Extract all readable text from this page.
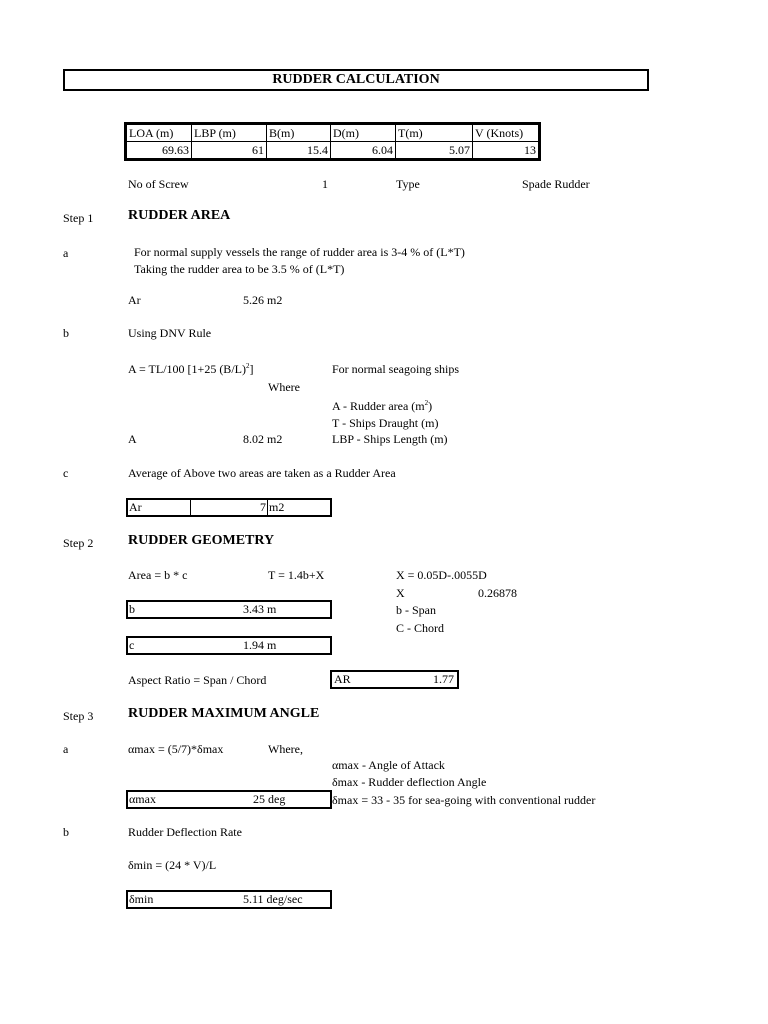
RUDDER CALCULATION
LOA (m)	LBP (m)	B(m)	D(m)	T(m)	V (Knots)
69.63	61	15.4	6.04	5.07	13
No of Screw	1	Type	Spade Rudder
Step 1 RUDDER AREA
a	For normal supply vessels the range of rudder area is 3-4 % of (L*T)
Taking the rudder area to be 3.5 % of (L*T)
Ar	5.26 m2
b	Using DNV Rule
A = TL/100 [1+25 $(B/L)^2$]	For normal seagoing ships
Where
A - Rudder area $(m^2)$
T - Ships Draught (m)
A	8.02 m2	LBP - Ships Length (m)
c	Average of Above two areas are taken as a Rudder Area
Ar	7 m2
Step 2 RUDDER GEOMETRY
Area = b * c	T = 1.4b+X	X = 0.05D-.0055D
X	0.26878
b	3.43 m	b - Span
c	1.94 m
C - Chord
Aspect Ratio = Span / Chord	AR	1.77
Step 3 RUDDER MAXIMUM ANGLE
a	αmax = (5/7)*δmax	Where,
αmax - Angle of Attack
δmax - Rudder deflection Angle
αmax	25 deg	δmax = 33 - 35 for sea-going with conventional rudder
b	Rudder Deflection Rate
δmin = (24 * V)/L
δmin	5.11 deg/sec
